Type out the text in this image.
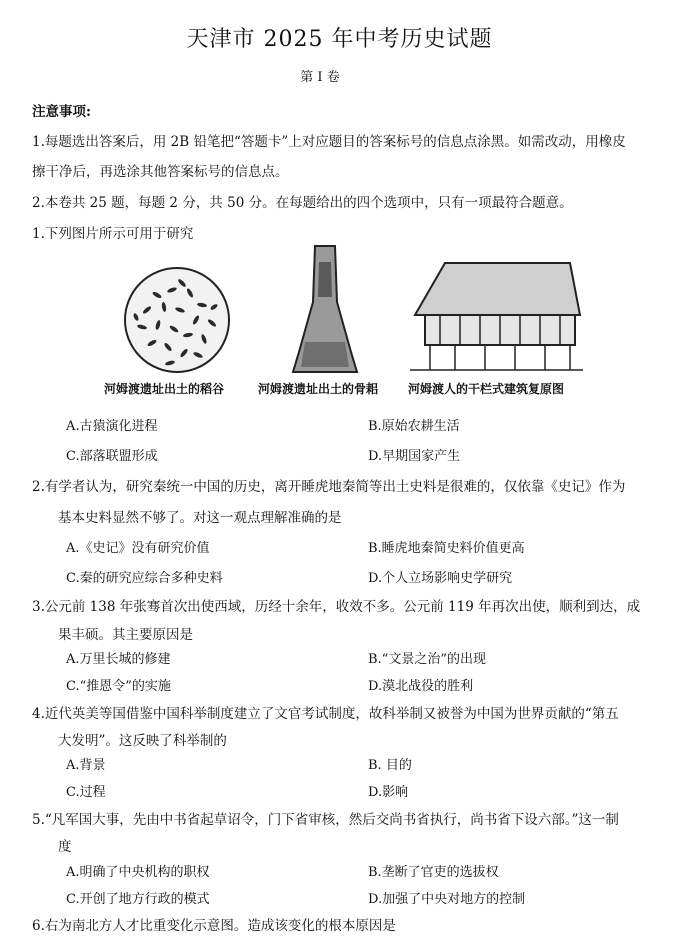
天津市 2025 年中考历史试题
第 I 卷
注意事项:
1.每题选出答案后，用 2B 铅笔把“答题卡”上对应题目的答案标号的信息点涂黑。如需改动，用橡皮
擦干净后，再选涂其他答案标号的信息点。
2.本卷共 25 题，每题 2 分，共 50 分。在每题给出的四个选项中，只有一项最符合题意。
1.下列图片所示可用于研究
河姆渡遗址出土的稻谷	河姆渡遗址出土的骨耜 河姆渡人的干栏式建筑复原图
A.古猿演化进程	B.原始农耕生活
C.部落联盟形成	D.早期国家产生
2.有学者认为，研究秦统一中国的历史，离开睡虎地秦简等出土史料是很难的，仅依靠《史记》作为
基本史料显然不够了。对这一观点理解准确的是
A.《史记》没有研究价值	B.睡虎地秦简史料价值更高
C.秦的研究应综合多种史料	D.个人立场影响史学研究
3.公元前 138 年张骞首次出使西域，历经十余年，收效不多。公元前 119 年再次出使，顺利到达，成
果丰硕。其主要原因是
A.万里长城的修建	B.“文景之治”的出现
C.“推恩令”的实施	D.漠北战役的胜利
4.近代英美等国借鉴中国科举制度建立了文官考试制度，故科举制又被誉为中国为世界贡献的“第五
大发明”。这反映了科举制的
A.背景	B. 目的
C.过程	D.影响
5.“凡军国大事，先由中书省起草诏令，门下省审核，然后交尚书省执行，尚书省下设六部。”这一制
度
A.明确了中央机构的职权	B.垄断了官吏的选拔权
C.开创了地方行政的模式	D.加强了中央对地方的控制
6.右为南北方人才比重变化示意图。造成该变化的根本原因是
